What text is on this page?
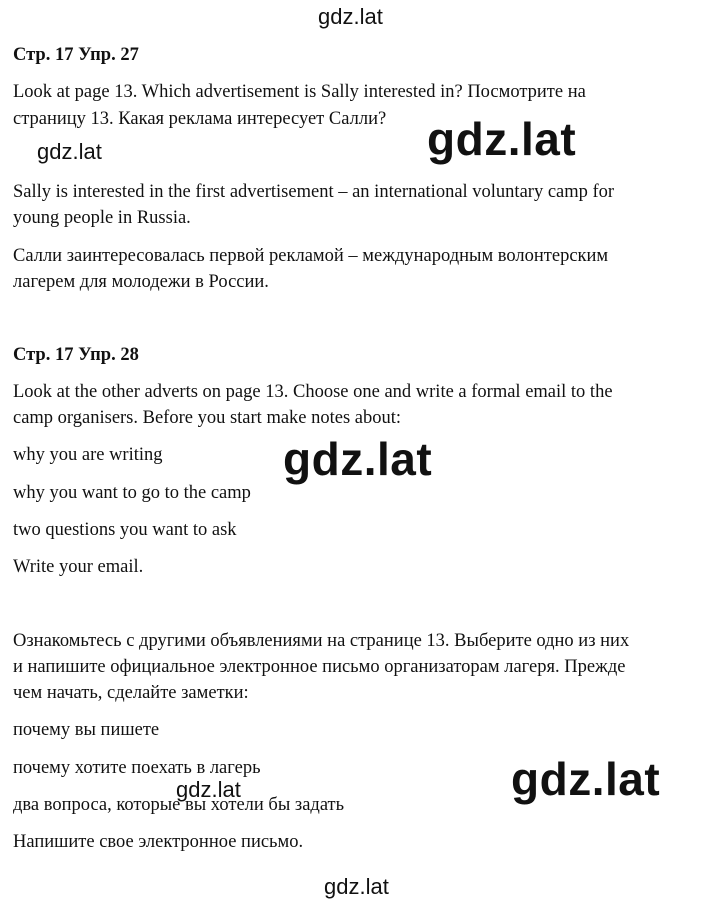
gdz.lat
gdz.lat	gdz.lat
gdz.lat
gdz.lat
gdz.lat
gdz.lat
Стр. 17 Упр. 27
Look at page 13. Which advertisement is Sally interested in? Посмотрите на
страницу 13. Какая реклама интересует Салли?
Sally is interested in the first advertisement – an international voluntary camp for
young people in Russia.
Салли заинтересовалась первой рекламой – международным волонтерским
лагерем для молодежи в России.
Стр. 17 Упр. 28
Look at the other adverts on page 13. Choose one and write a formal email to the
camp organisers. Before you start make notes about:
why you are writing
why you want to go to the camp
two questions you want to ask
Write your email.
Ознакомьтесь с другими объявлениями на странице 13. Выберите одно из них
и напишите официальное электронное письмо организаторам лагеря. Прежде
чем начать, сделайте заметки:
почему вы пишете
почему хотите поехать в лагерь
два вопроса, которые вы хотели бы задать
Напишите свое электронное письмо.
